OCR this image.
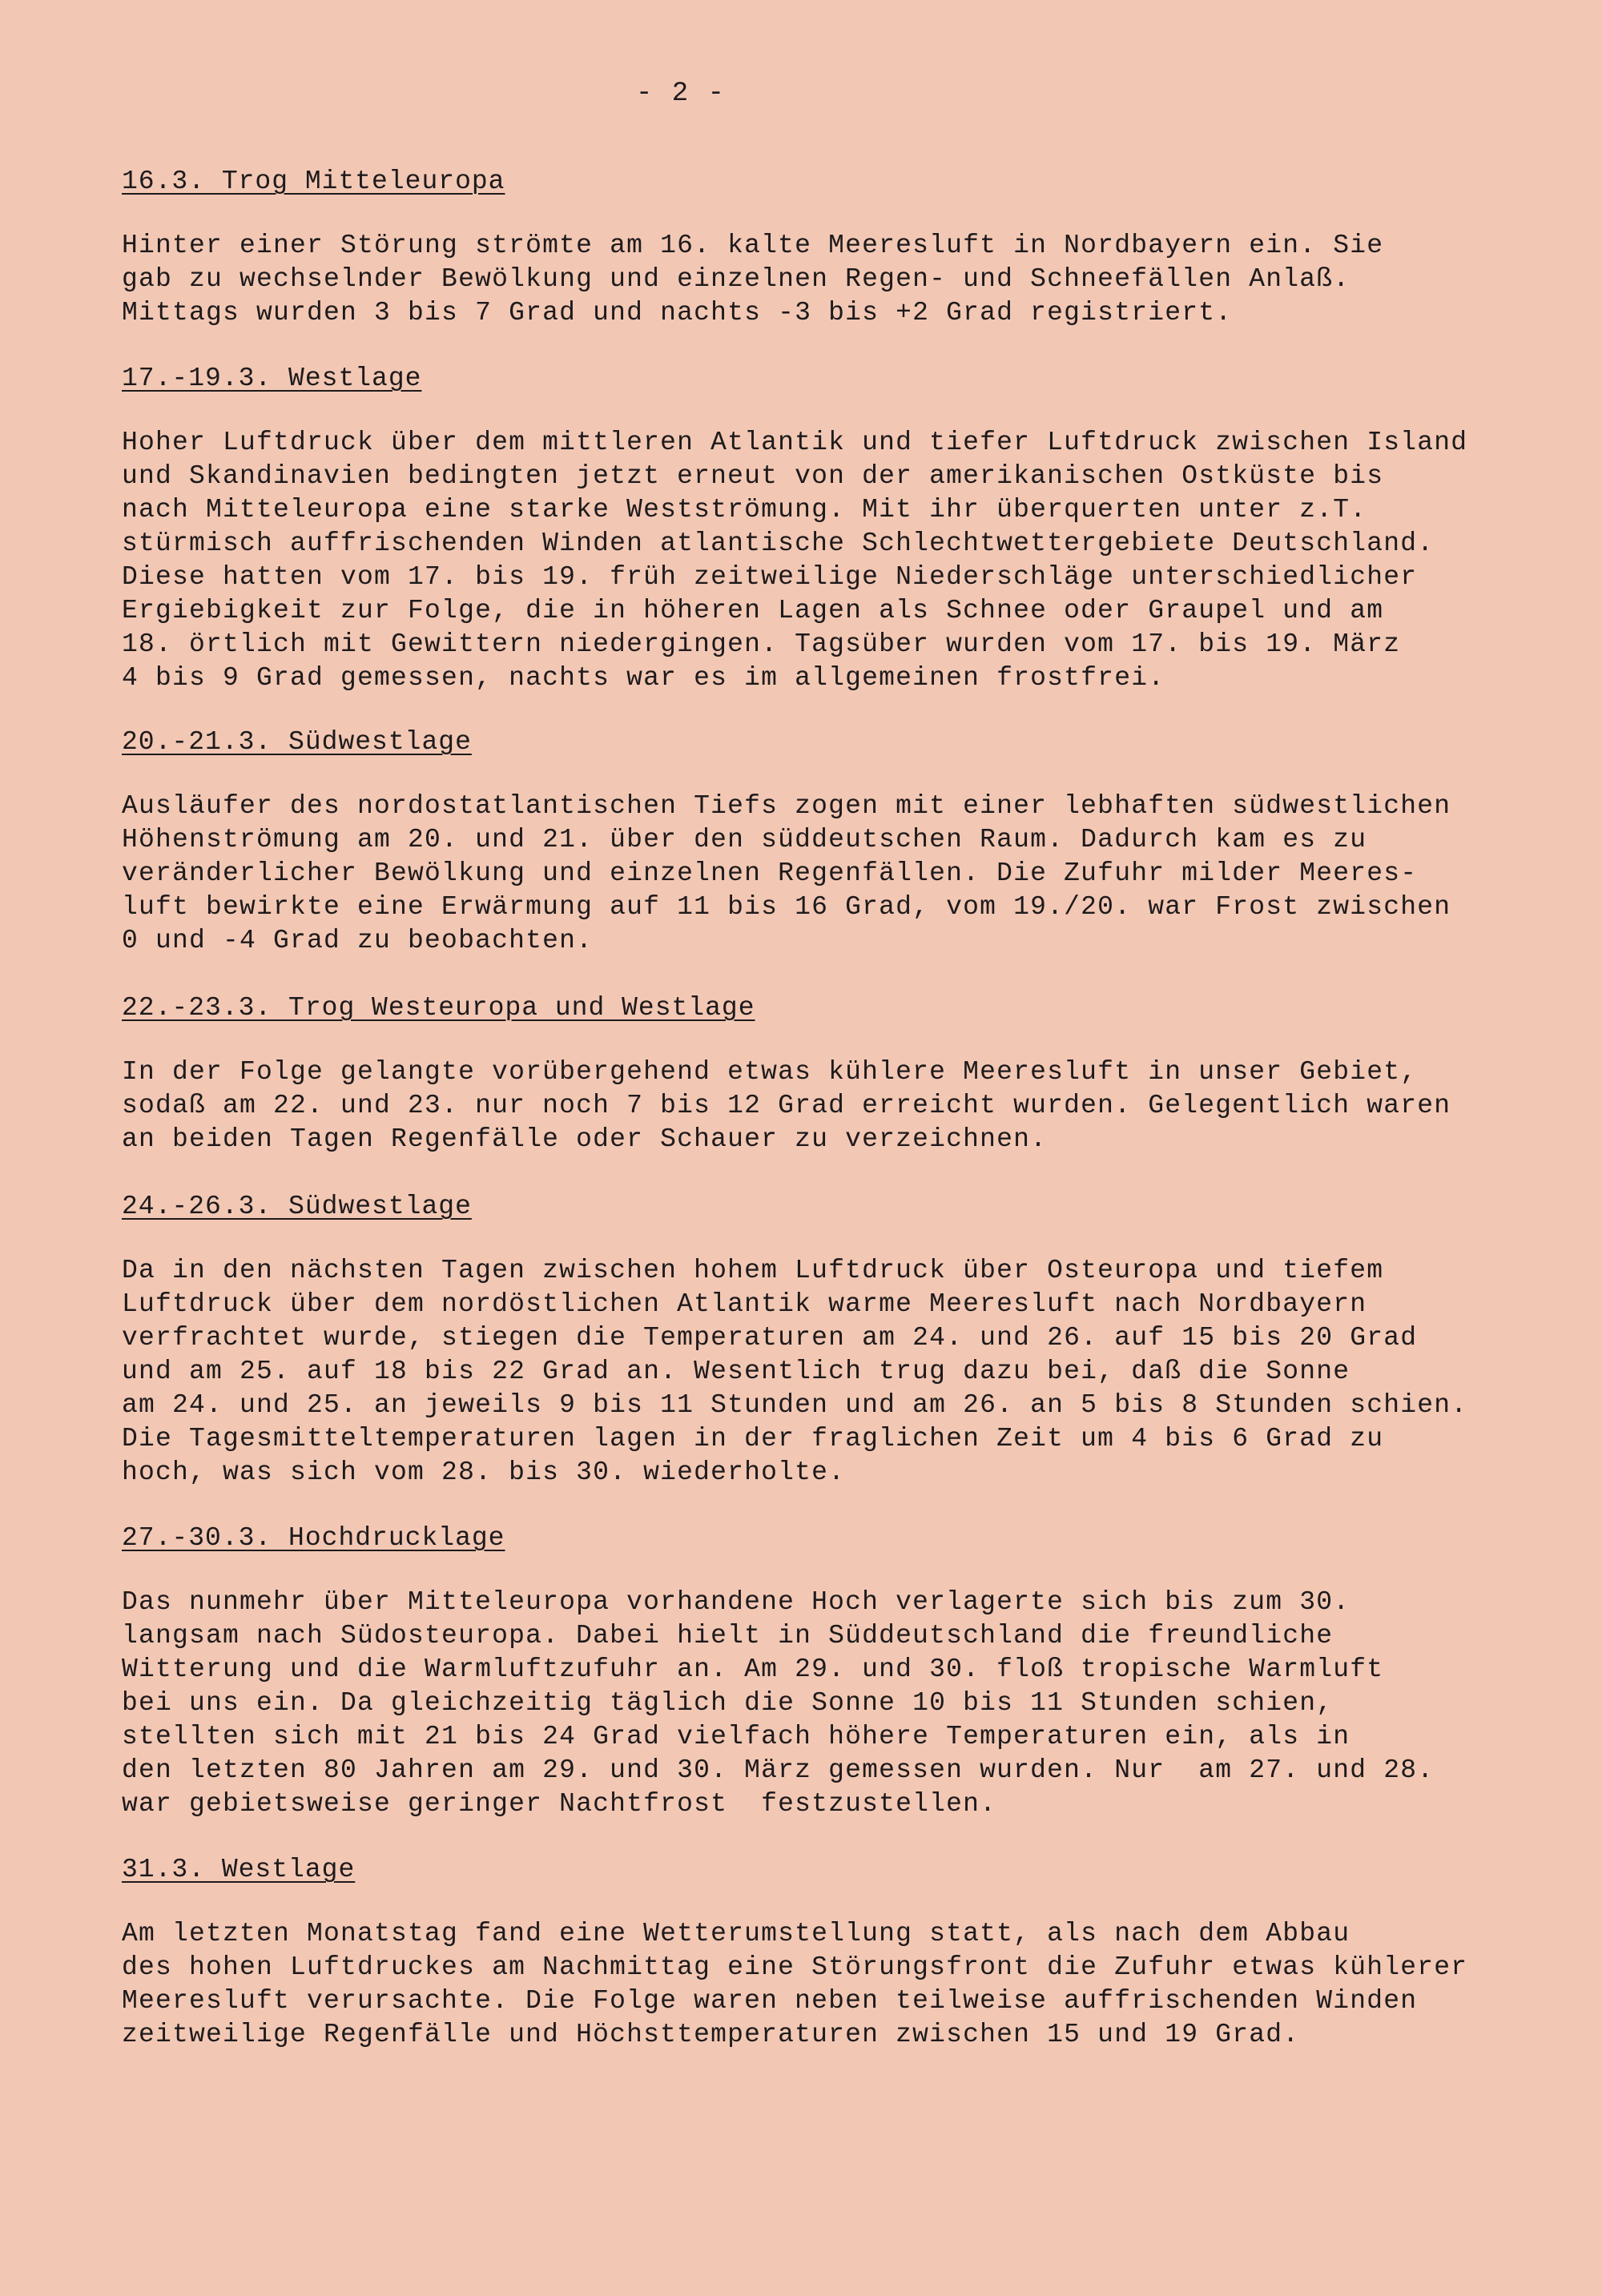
- 2 -
16.3. Trog Mitteleuropa
Hinter einer Störung strömte am 16. kalte Meeresluft in Nordbayern ein. Sie
gab zu wechselnder Bewölkung und einzelnen Regen- und Schneefällen Anlaß.
Mittags wurden 3 bis 7 Grad und nachts -3 bis +2 Grad registriert.
17.-19.3. Westlage
Hoher Luftdruck über dem mittleren Atlantik und tiefer Luftdruck zwischen Island
und Skandinavien bedingten jetzt erneut von der amerikanischen Ostküste bis
nach Mitteleuropa eine starke Westströmung. Mit ihr überquerten unter z.T.
stürmisch auffrischenden Winden atlantische Schlechtwettergebiete Deutschland.
Diese hatten vom 17. bis 19. früh zeitweilige Niederschläge unterschiedlicher
Ergiebigkeit zur Folge, die in höheren Lagen als Schnee oder Graupel und am
18. örtlich mit Gewittern niedergingen. Tagsüber wurden vom 17. bis 19. März
4 bis 9 Grad gemessen, nachts war es im allgemeinen frostfrei.
20.-21.3. Südwestlage
Ausläufer des nordostatlantischen Tiefs zogen mit einer lebhaften südwestlichen
Höhenströmung am 20. und 21. über den süddeutschen Raum. Dadurch kam es zu
veränderlicher Bewölkung und einzelnen Regenfällen. Die Zufuhr milder Meeres-
luft bewirkte eine Erwärmung auf 11 bis 16 Grad, vom 19./20. war Frost zwischen
0 und -4 Grad zu beobachten.
22.-23.3. Trog Westeuropa und Westlage
In der Folge gelangte vorübergehend etwas kühlere Meeresluft in unser Gebiet,
sodaß am 22. und 23. nur noch 7 bis 12 Grad erreicht wurden. Gelegentlich waren
an beiden Tagen Regenfälle oder Schauer zu verzeichnen.
24.-26.3. Südwestlage
Da in den nächsten Tagen zwischen hohem Luftdruck über Osteuropa und tiefem
Luftdruck über dem nordöstlichen Atlantik warme Meeresluft nach Nordbayern
verfrachtet wurde, stiegen die Temperaturen am 24. und 26. auf 15 bis 20 Grad
und am 25. auf 18 bis 22 Grad an. Wesentlich trug dazu bei, daß die Sonne
am 24. und 25. an jeweils 9 bis 11 Stunden und am 26. an 5 bis 8 Stunden schien.
Die Tagesmitteltemperaturen lagen in der fraglichen Zeit um 4 bis 6 Grad zu
hoch, was sich vom 28. bis 30. wiederholte.
27.-30.3. Hochdrucklage
Das nunmehr über Mitteleuropa vorhandene Hoch verlagerte sich bis zum 30.
langsam nach Südosteuropa. Dabei hielt in Süddeutschland die freundliche
Witterung und die Warmluftzufuhr an. Am 29. und 30. floß tropische Warmluft
bei uns ein. Da gleichzeitig täglich die Sonne 10 bis 11 Stunden schien,
stellten sich mit 21 bis 24 Grad vielfach höhere Temperaturen ein, als in
den letzten 80 Jahren am 29. und 30. März gemessen wurden. Nur  am 27. und 28.
war gebietsweise geringer Nachtfrost  festzustellen.
31.3. Westlage
Am letzten Monatstag fand eine Wetterumstellung statt, als nach dem Abbau
des hohen Luftdruckes am Nachmittag eine Störungsfront die Zufuhr etwas kühlerer
Meeresluft verursachte. Die Folge waren neben teilweise auffrischenden Winden
zeitweilige Regenfälle und Höchsttemperaturen zwischen 15 und 19 Grad.
